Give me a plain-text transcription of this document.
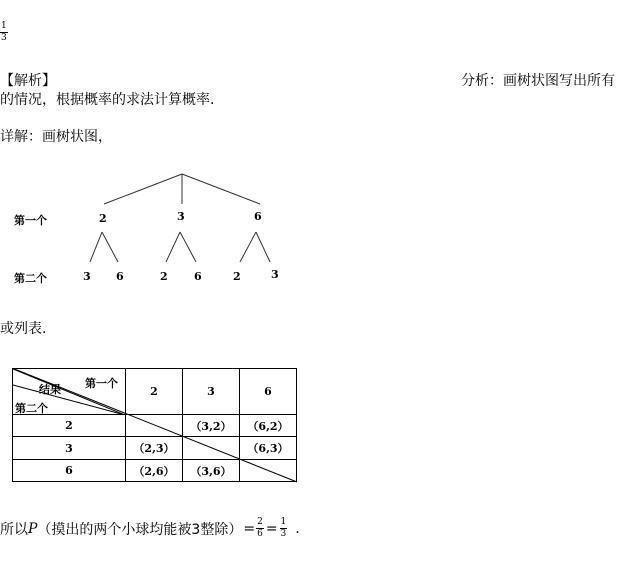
$\frac{1}{3}$
【解析】	分析：画树状图写出所有
的情况，根据概率的求法计算概率.
详解：画树状图，
第一个
第二个
2	3	6
3 6	2 6	2	3
或列表.
第一个
结果
第二个	2	3	6
2		（3,2）	（6,2）
3	（2,3）		（6,3）
6	（2,6）	（3,6）	
所以 P （摸出的两个小球均能被3整除） = $\frac{2}{6} = \frac{1}{3}$ .
